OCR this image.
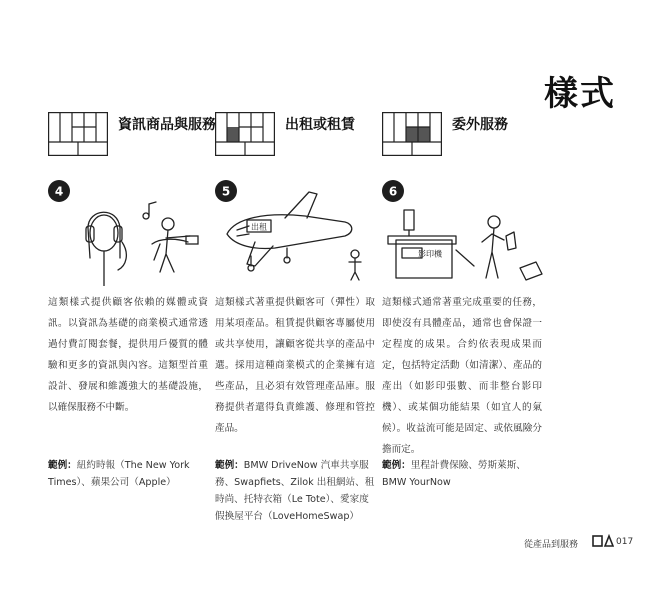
樣式
資訊商品與服務
4
這類樣式提供顧客依賴的媒體或資訊。以資訊為基礎的商業模式通常透過付費訂閱套餐，提供用戶優質的體驗和更多的資訊與內容。這類型首重設計、發展和維護強大的基礎設施，以確保服務不中斷。
範例：紐約時報（The New York Times）、蘋果公司（Apple）
出租或租賃
出租
5
這類樣式著重提供顧客可（彈性）取用某項產品。租賃提供顧客專屬使用或共享使用，讓顧客從共享的產品中選。採用這種商業模式的企業擁有這些產品，且必須有效管理產品庫。服務提供者還得負責維護、修理和管控產品。
範例：BMW DriveNow 汽車共享服務、Swapfiets、Zilok 出租網站、租時尚、托特衣箱（Le Tote）、愛家度假換屋平台（LoveHomeSwap）
委外服務
影印機
6
這類樣式通常著重完成重要的任務，即使沒有具體產品，通常也會保證一定程度的成果。合約依表現成果而定，包括特定活動（如清潔）、產品的產出（如影印張數、而非整台影印機）、或某個功能結果（如宜人的氣候）。收益流可能是固定、或依風險分擔而定。
範例：里程計費保險、勞斯萊斯、BMW YourNow
從產品到服務	017
